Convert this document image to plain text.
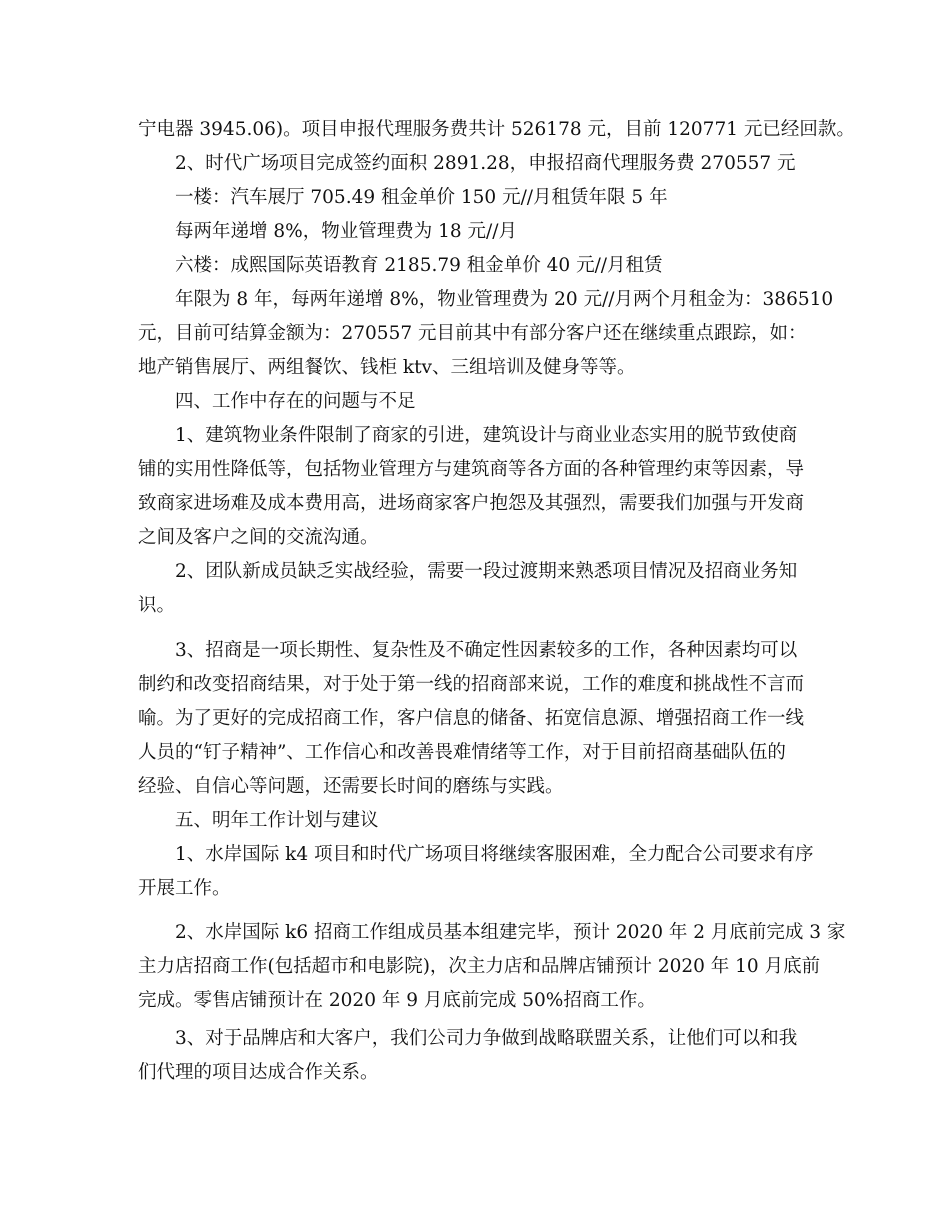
宁电器 3945.06)。项目申报代理服务费共计 526178 元，目前 120771 元已经回款。
2、时代广场项目完成签约面积 2891.28，申报招商代理服务费 270557 元
一楼：汽车展厅 705.49 租金单价 150 元//月租赁年限 5 年
每两年递增 8%，物业管理费为 18 元//月
六楼：成熙国际英语教育 2185.79 租金单价 40 元//月租赁
年限为 8 年，每两年递增 8%，物业管理费为 20 元//月两个月租金为：386510
元，目前可结算金额为：270557 元目前其中有部分客户还在继续重点跟踪，如：
地产销售展厅、两组餐饮、钱柜 ktv、三组培训及健身等等。
四、工作中存在的问题与不足
1、建筑物业条件限制了商家的引进，建筑设计与商业业态实用的脱节致使商
铺的实用性降低等，包括物业管理方与建筑商等各方面的各种管理约束等因素，导
致商家进场难及成本费用高，进场商家客户抱怨及其强烈，需要我们加强与开发商
之间及客户之间的交流沟通。
2、团队新成员缺乏实战经验，需要一段过渡期来熟悉项目情况及招商业务知
识。
3、招商是一项长期性、复杂性及不确定性因素较多的工作，各种因素均可以
制约和改变招商结果，对于处于第一线的招商部来说，工作的难度和挑战性不言而
喻。为了更好的完成招商工作，客户信息的储备、拓宽信息源、增强招商工作一线
人员的“钉子精神”、工作信心和改善畏难情绪等工作，对于目前招商基础队伍的
经验、自信心等问题，还需要长时间的磨练与实践。
五、明年工作计划与建议
1、水岸国际 k4 项目和时代广场项目将继续客服困难，全力配合公司要求有序
开展工作。
2、水岸国际 k6 招商工作组成员基本组建完毕，预计 2020 年 2 月底前完成 3 家
主力店招商工作(包括超市和电影院)，次主力店和品牌店铺预计 2020 年 10 月底前
完成。零售店铺预计在 2020 年 9 月底前完成 50%招商工作。
3、对于品牌店和大客户，我们公司力争做到战略联盟关系，让他们可以和我
们代理的项目达成合作关系。
